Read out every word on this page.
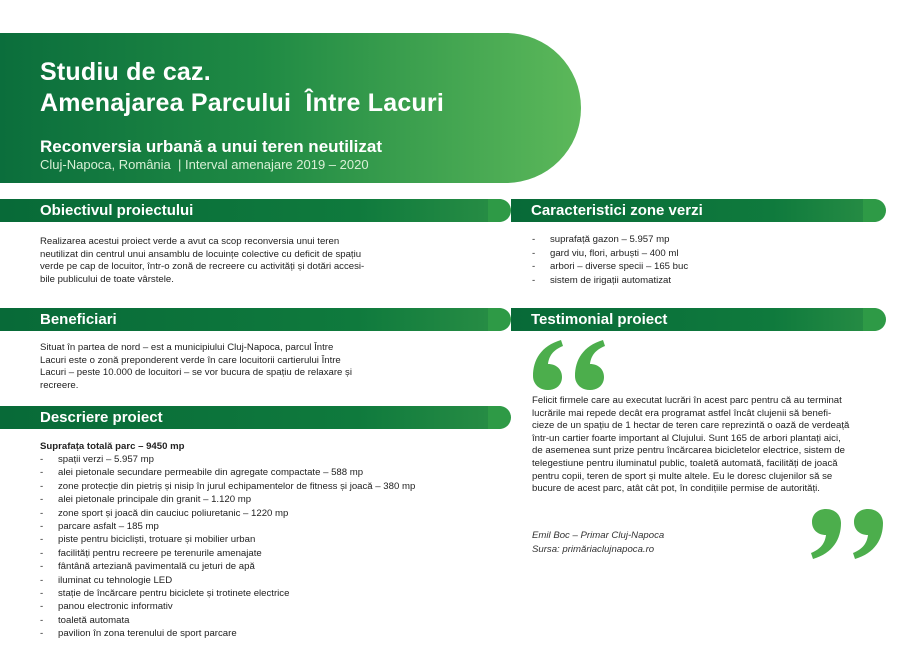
Studiu de caz.
Amenajarea Parcului  Între Lacuri
Reconversia urbană a unui teren neutilizat
Cluj-Napoca, România  | Interval amenajare 2019 – 2020
Obiectivul proiectului
Realizarea acestui proiect verde a avut ca scop reconversia unui teren
neutilizat din centrul unui ansamblu de locuințe colective cu deficit de spațiu
verde pe cap de locuitor, într-o zonă de recreere cu activități și dotări accesi-
bile publicului de toate vârstele.
Caracteristici zone verzi
- suprafață gazon – 5.957 mp
- gard viu, flori, arbuști – 400 ml
- arbori – diverse specii – 165 buc
- sistem de irigații automatizat
Beneficiari
Situat în partea de nord – est a municipiului Cluj-Napoca, parcul Între
Lacuri este o zonă preponderent verde în care locuitorii cartierului Între
Lacuri – peste 10.000 de locuitori – se vor bucura de spațiu de relaxare și
recreere.
Testimonial proiect
Felicit firmele care au executat lucrări în acest parc pentru că au terminat
lucrările mai repede decât era programat astfel încât clujenii să benefi-
cieze de un spațiu de 1 hectar de teren care reprezintă o oază de verdeață
într-un cartier foarte important al Clujului. Sunt 165 de arbori plantați aici,
de asemenea sunt prize pentru încărcarea bicicletelor electrice, sistem de
telegestiune pentru iluminatul public, toaletă automată, facilități de joacă
pentru copii, teren de sport și multe altele. Eu le doresc clujenilor să se
bucure de acest parc, atât cât pot, în condițiile permise de autorități.
Emil Boc – Primar Cluj-Napoca
Sursa: primăriaclujnapoca.ro
Descriere proiect
Suprafața totală parc – 9450 mp
- spații verzi – 5.957 mp
- alei pietonale secundare permeabile din agregate compactate – 588 mp
- zone protecție din pietriș și nisip în jurul echipamentelor de fitness și joacă – 380 mp
- alei pietonale principale din granit – 1.120 mp
- zone sport și joacă din cauciuc poliuretanic – 1220 mp
- parcare asfalt – 185 mp
- piste pentru bicicliști, trotuare și mobilier urban
- facilități pentru recreere pe terenurile amenajate
- fântână arteziană pavimentală cu jeturi de apă
- iluminat cu tehnologie LED
- stație de încărcare pentru biciclete și trotinete electrice
- panou electronic informativ
- toaletă automata
- pavilion în zona terenului de sport parcare
